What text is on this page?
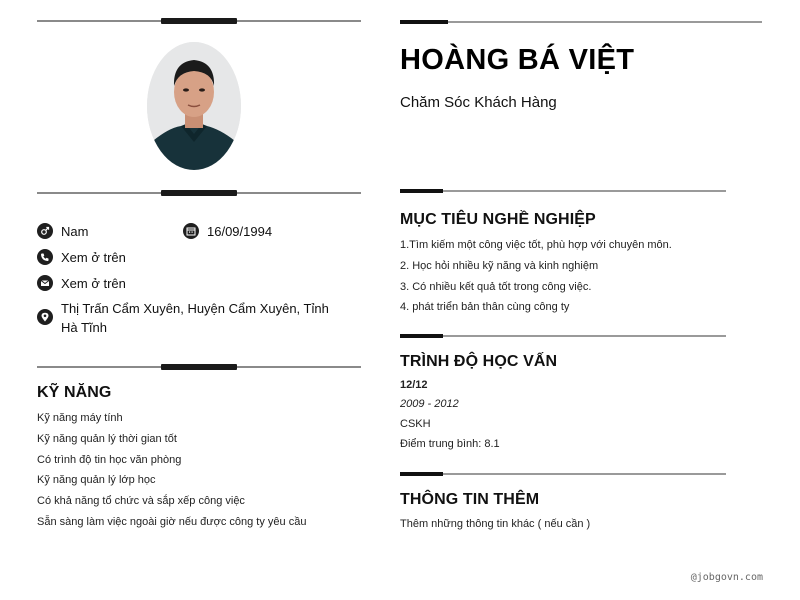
Nam	16/09/1994
Xem ở trên
Xem ở trên
Thị Trấn Cẩm Xuyên, Huyện Cẩm Xuyên, Tỉnh Hà Tĩnh
KỸ NĂNG
Kỹ năng máy tính
Kỹ năng quản lý thời gian tốt
Có trình độ tin học văn phòng
Kỹ năng quản lý lớp học
Có khả năng tổ chức và sắp xếp công việc
Sẵn sàng làm việc ngoài giờ nếu được công ty yêu cầu
HOÀNG BÁ VIỆT
Chăm Sóc Khách Hàng
MỤC TIÊU NGHỀ NGHIỆP
1.Tìm kiếm một công việc tốt, phù hợp với chuyên môn.
2. Học hỏi nhiều kỹ năng và kinh nghiệm
3. Có nhiều kết quả tốt trong công việc.
4. phát triển bản thân cùng công ty
TRÌNH ĐỘ HỌC VẤN
12/12
2009 - 2012
CSKH
Điểm trung bình: 8.1
THÔNG TIN THÊM
Thêm những thông tin khác ( nếu cần )
@jobgovn.com
